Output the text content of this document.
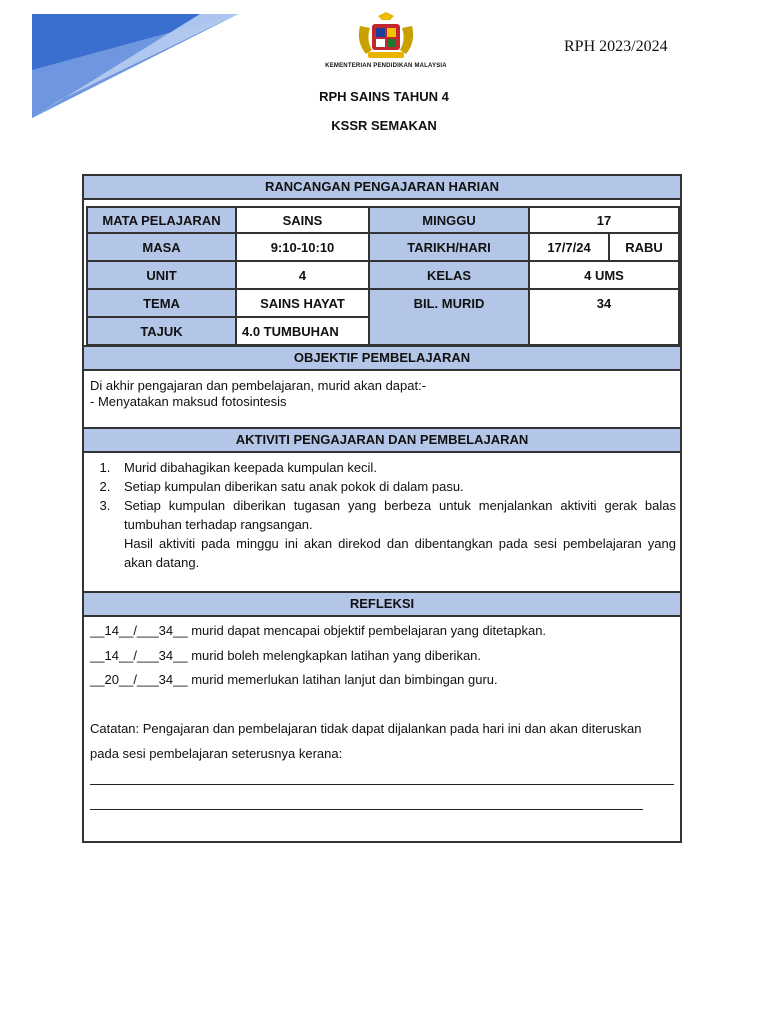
KEMENTERIAN PENDIDIKAN MALAYSIA
RPH 2023/2024
RPH SAINS TAHUN 4
KSSR SEMAKAN
RANCANGAN PENGAJARAN HARIAN
MATA PELAJARAN	SAINS	MINGGU	17
MASA	9:10-10:10	TARIKH/HARI	17/7/24	RABU
UNIT	4	KELAS	4 UMS
TEMA	SAINS HAYAT	BIL. MURID	34
TAJUK	4.0 TUMBUHAN
OBJEKTIF PEMBELAJARAN
Di akhir pengajaran dan pembelajaran, murid akan dapat:-
- Menyatakan maksud fotosintesis
AKTIVITI PENGAJARAN DAN PEMBELAJARAN
1. Murid dibahagikan keepada kumpulan kecil.
2. Setiap kumpulan diberikan satu anak pokok di dalam pasu.
3. Setiap kumpulan diberikan tugasan yang berbeza untuk menjalankan aktiviti gerak balas tumbuhan terhadap rangsangan.
Hasil aktiviti pada minggu ini akan direkod dan dibentangkan pada sesi pembelajaran yang akan datang.
REFLEKSI
__14__/___34__ murid dapat mencapai objektif pembelajaran yang ditetapkan.
__14__/___34__ murid boleh melengkapkan latihan yang diberikan.
__20__/___34__ murid memerlukan latihan lanjut dan bimbingan guru.
Catatan: Pengajaran dan pembelajaran tidak dapat dijalankan pada hari ini dan akan diteruskan
pada sesi pembelajaran seterusnya kerana:
